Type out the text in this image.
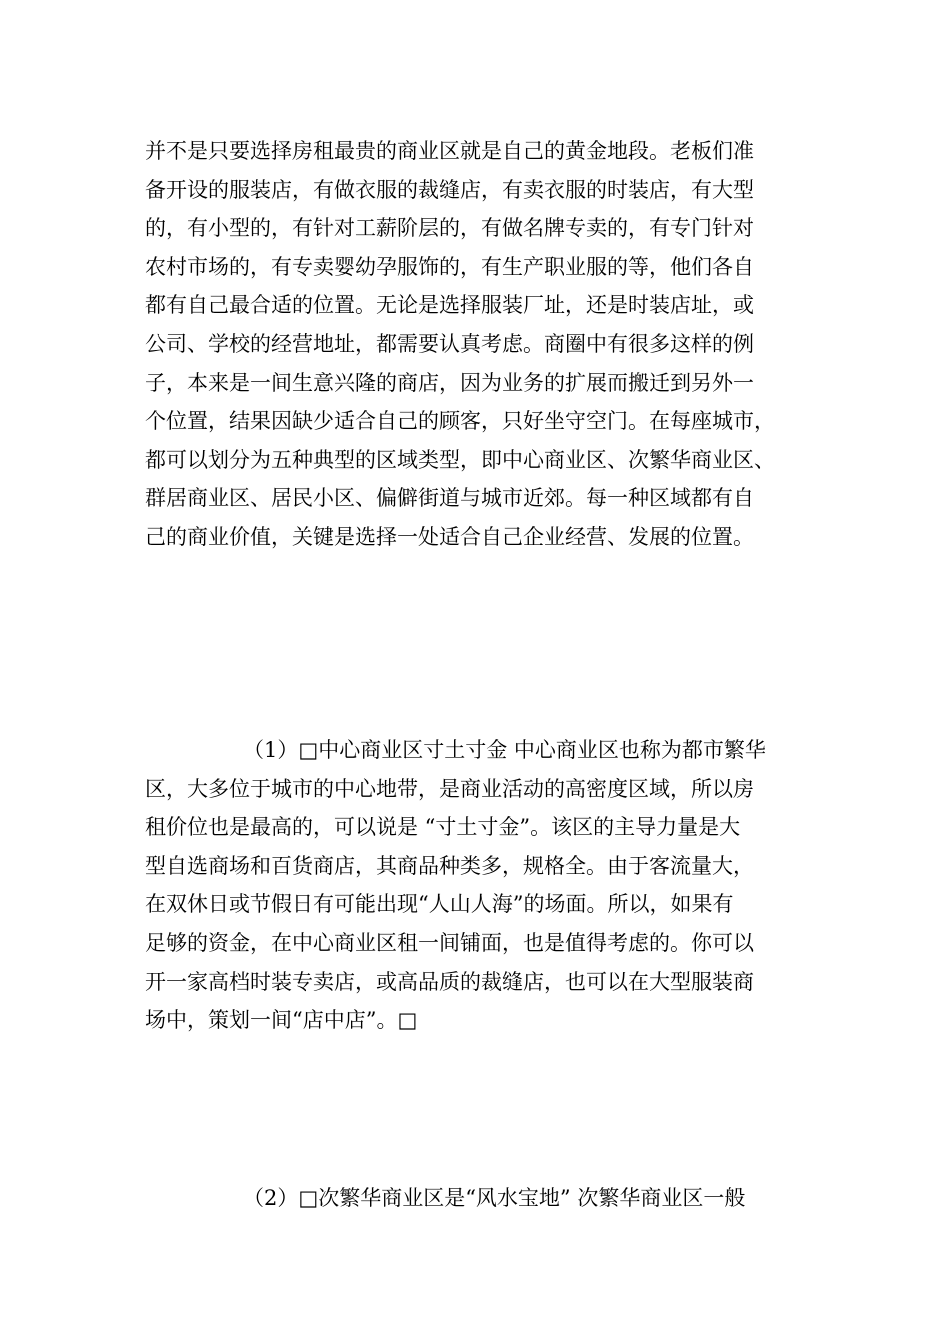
并不是只要选择房租最贵的商业区就是自己的黄金地段。老板们准
备开设的服装店，有做衣服的裁缝店，有卖衣服的时装店，有大型
的，有小型的，有针对工薪阶层的，有做名牌专卖的，有专门针对
农村市场的，有专卖婴幼孕服饰的，有生产职业服的等，他们各自
都有自己最合适的位置。无论是选择服装厂址，还是时装店址，或
公司、学校的经营地址，都需要认真考虑。商圈中有很多这样的例
子，本来是一间生意兴隆的商店，因为业务的扩展而搬迁到另外一
个位置，结果因缺少适合自己的顾客，只好坐守空门。在每座城市，
都可以划分为五种典型的区域类型，即中心商业区、次繁华商业区、
群居商业区、居民小区、偏僻街道与城市近郊。每一种区域都有自
己的商业价值，关键是选择一处适合自己企业经营、发展的位置。
（1）□中心商业区寸土寸金 中心商业区也称为都市繁华
区，大多位于城市的中心地带，是商业活动的高密度区域，所以房
租价位也是最高的，可以说是 “寸土寸金”。该区的主导力量是大
型自选商场和百货商店，其商品种类多，规格全。由于客流量大，
在双休日或节假日有可能出现“人山人海”的场面。所以，如果有
足够的资金，在中心商业区租一间铺面，也是值得考虑的。你可以
开一家高档时装专卖店，或高品质的裁缝店，也可以在大型服装商
场中，策划一间“店中店”。□
（2）□次繁华商业区是“风水宝地” 次繁华商业区一般
